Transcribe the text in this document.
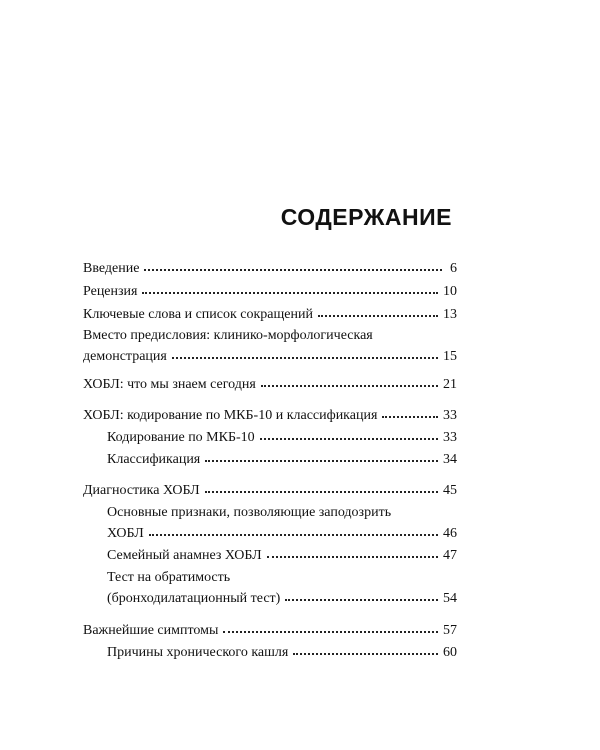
СОДЕРЖАНИЕ
Введение	6
Рецензия	10
Ключевые слова и список сокращений	13
Вместо предисловия: клинико-морфологическая
демонстрация	15
ХОБЛ: что мы знаем сегодня	21
ХОБЛ: кодирование по МКБ-10 и классификация	33
Кодирование по МКБ-10	33
Классификация	34
Диагностика ХОБЛ	45
Основные признаки, позволяющие заподозрить
ХОБЛ	46
Семейный анамнез ХОБЛ	47
Тест на обратимость
(бронходилатационный тест)	54
Важнейшие симптомы	57
Причины хронического кашля	60
